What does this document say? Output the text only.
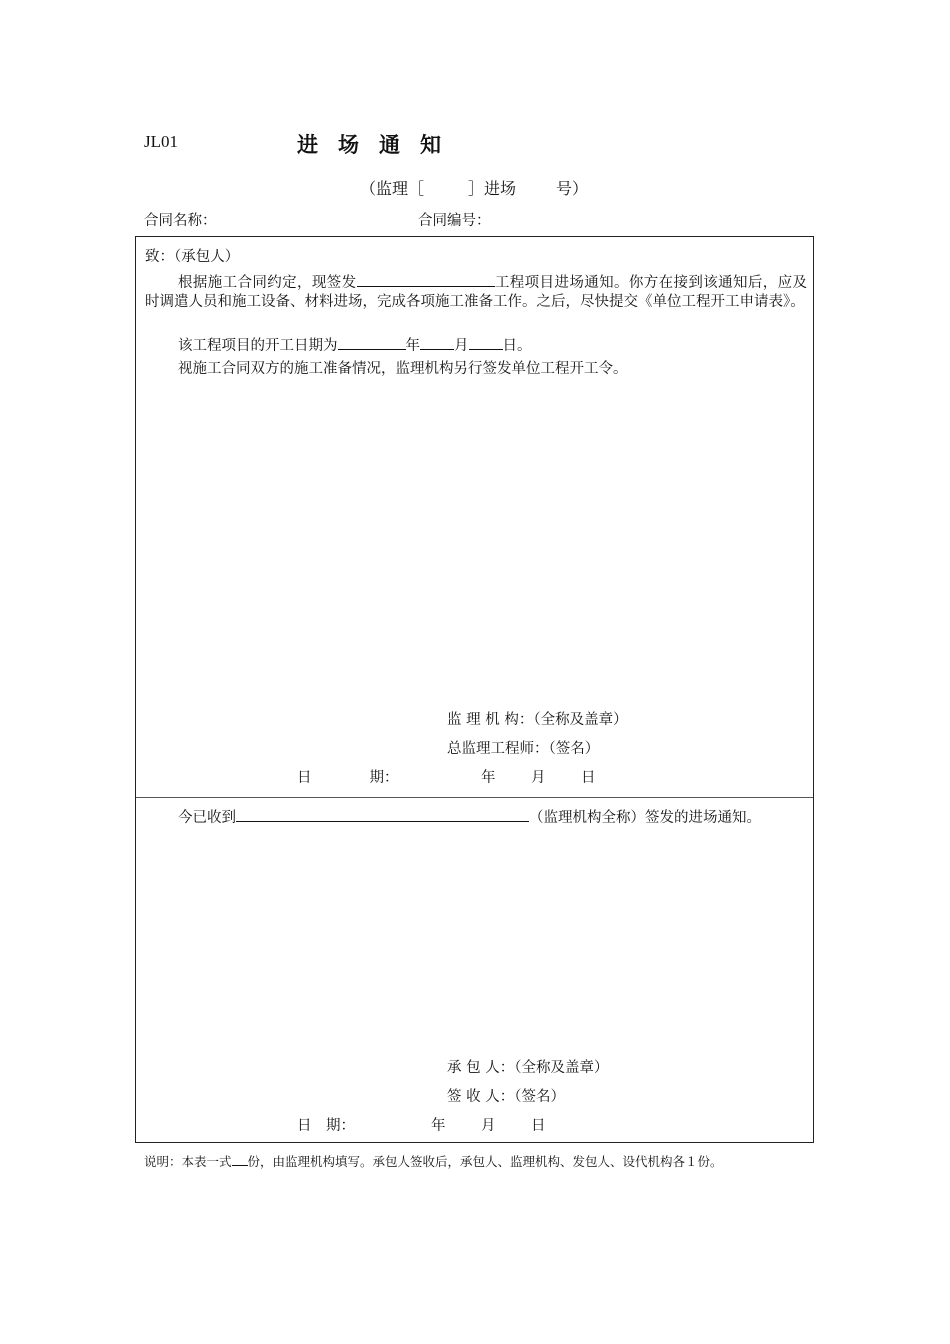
JL01	进场通知
（监理［	］进场	号）
合同名称：	合同编号：
致：（承包人）
根据施工合同约定，现签发	工程项目进场通知。你方在接到该通知后，应及时调遣人员和施工设备、材料进场，完成各项施工准备工作。之后，尽快提交《单位工程开工申请表》。
该工程项目的开工日期为	年 月 日。
视施工合同双方的施工准备情况，监理机构另行签发单位工程开工令。
监 理 机 构：（全称及盖章）
总监理工程师：（签名）
日　　　　期：	年 月 日
今已收到	（监理机构全称）签发的进场通知。
承 包 人：（全称及盖章）
签 收 人：（签名）
日　期：	年 月 日
说明：本表一式 份，由监理机构填写。承包人签收后，承包人、监理机构、发包人、设代机构各１份。
